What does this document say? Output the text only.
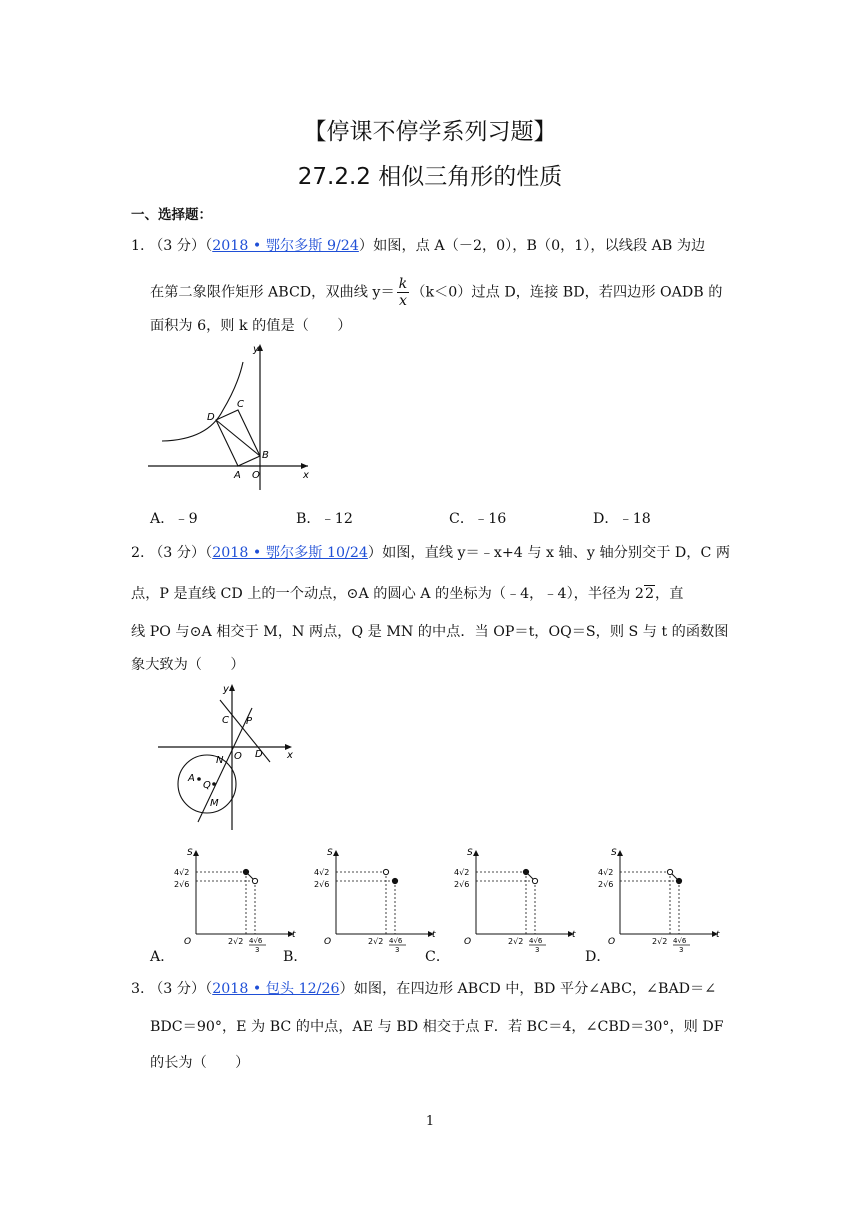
【停课不停学系列习题】
27.2.2 相似三角形的性质
一、选择题：
1. （3 分）（2018 • 鄂尔多斯 9/24）如图，点 A（－2，0），B（0，1），以线段 AB 为边
在第二象限作矩形 ABCD，双曲线 $y= \frac{k}{x} (k<0)$过点 D，连接 BD，若四边形 OADB 的
面积为 6，则 k 的值是（　　）
y
x
C
D
B
A O
A．﹣9	B．﹣12	C．﹣16	D．﹣18
2. （3 分）（2018 • 鄂尔多斯 10/24）如图，直线 y＝﹣x+4 与 x 轴、y 轴分别交于 D，C 两
点，P 是直线 CD 上的一个动点，⊙A 的圆心 A 的坐标为（﹣4，﹣4），半径为 22，直
线 PO 与⊙A 相交于 M，N 两点，Q 是 MN 的中点．当 OP＝t，OQ＝S，则 S 与 t 的函数图
象大致为（　　）
y
x
C P
O D
N
A
Q
M
S
t
O
4√2
2√6
2√2 4√6
3
S
t
O
4√2
2√6
2√2 4√6
3
S
t
O
4√2
2√6
2√2 4√6
3
S
t
O
4√2
2√6
2√2 4√6
3
A．	B．	C．	D．
3. （3 分）（2018 • 包头 12/26）如图，在四边形 ABCD 中，BD 平分∠ABC，∠BAD＝∠
BDC＝90°，E 为 BC 的中点，AE 与 BD 相交于点 F．若 BC＝4，∠CBD＝30°，则 DF
的长为（　　）
1
